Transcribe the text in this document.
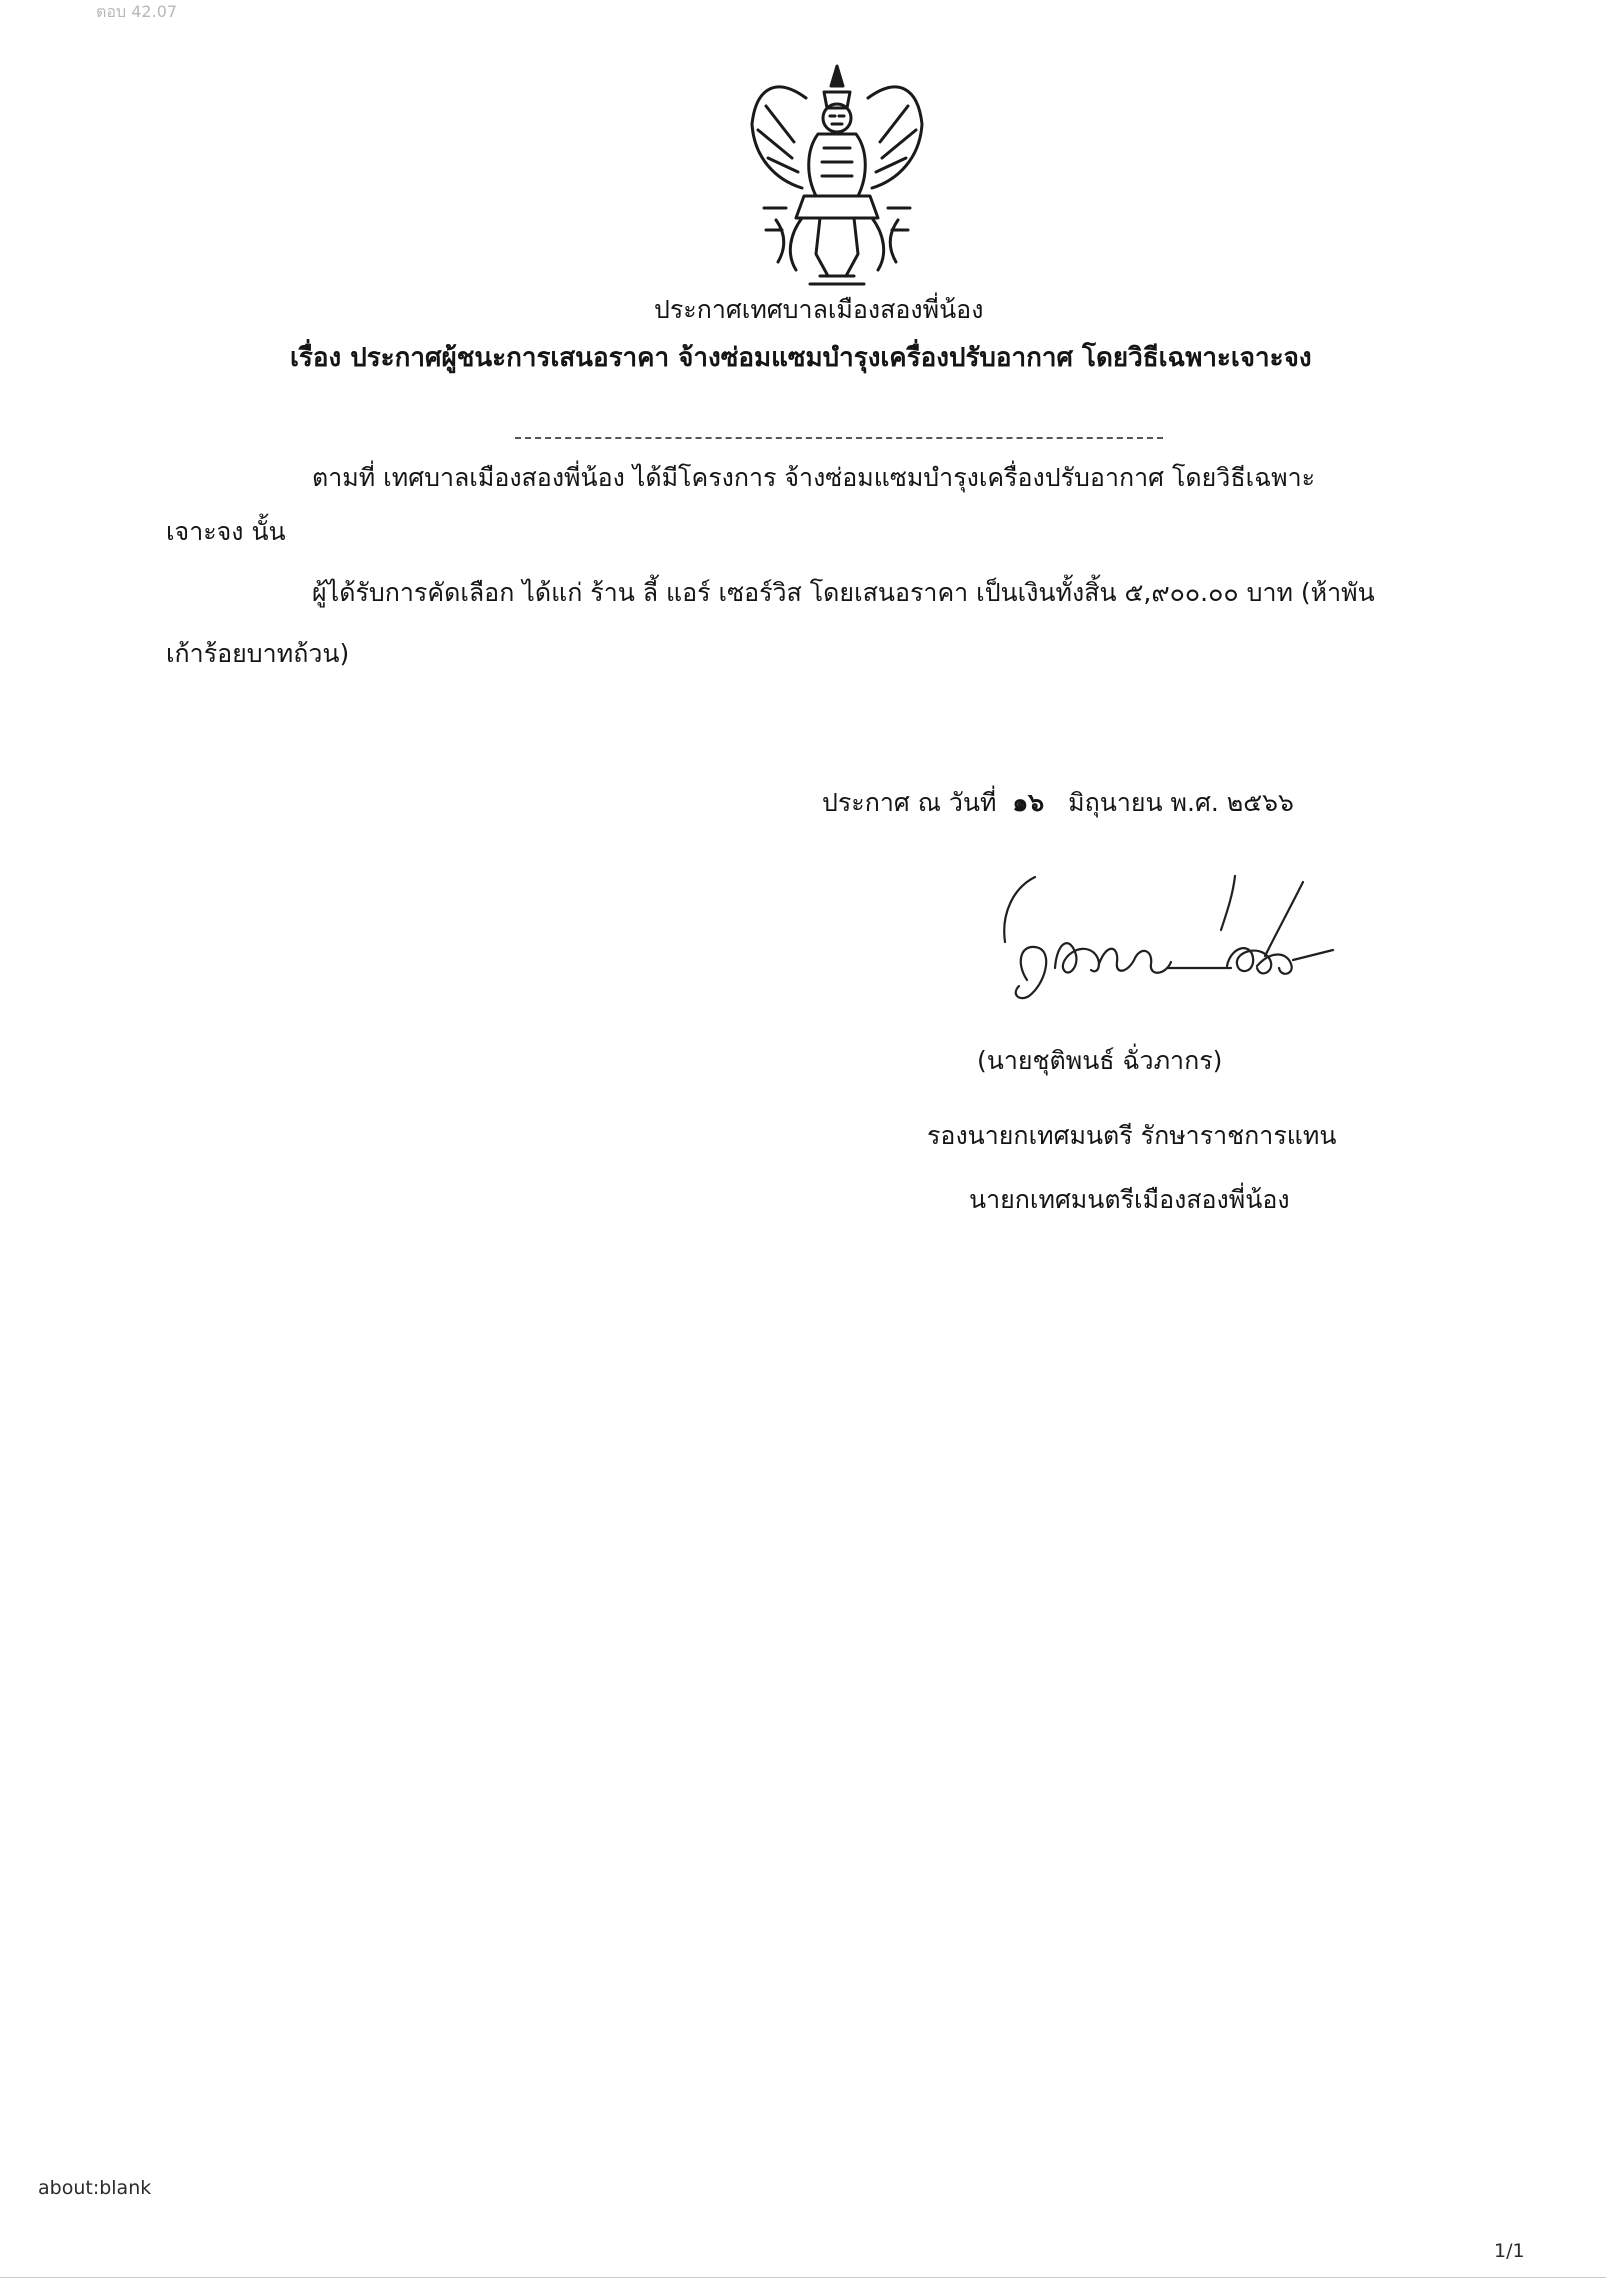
ตอบ 42.07
ประกาศเทศบาลเมืองสองพี่น้อง
เรื่อง ประกาศผู้ชนะการเสนอราคา จ้างซ่อมแซมบำรุงเครื่องปรับอากาศ โดยวิธีเฉพาะเจาะจง
ตามที่ เทศบาลเมืองสองพี่น้อง ได้มีโครงการ จ้างซ่อมแซมบำรุงเครื่องปรับอากาศ โดยวิธีเฉพาะ
เจาะจง นั้น
ผู้ได้รับการคัดเลือก ได้แก่ ร้าน ลี้ แอร์ เซอร์วิส โดยเสนอราคา เป็นเงินทั้งสิ้น ๕,๙๐๐.๐๐ บาท (ห้าพัน
เก้าร้อยบาทถ้วน)
ประกาศ ณ วันที่ ๑๖ มิถุนายน พ.ศ. ๒๕๖๖
(นายชุติพนธ์ ฉั่วภากร)
รองนายกเทศมนตรี รักษาราชการแทน
นายกเทศมนตรีเมืองสองพี่น้อง
about:blank
1/1
